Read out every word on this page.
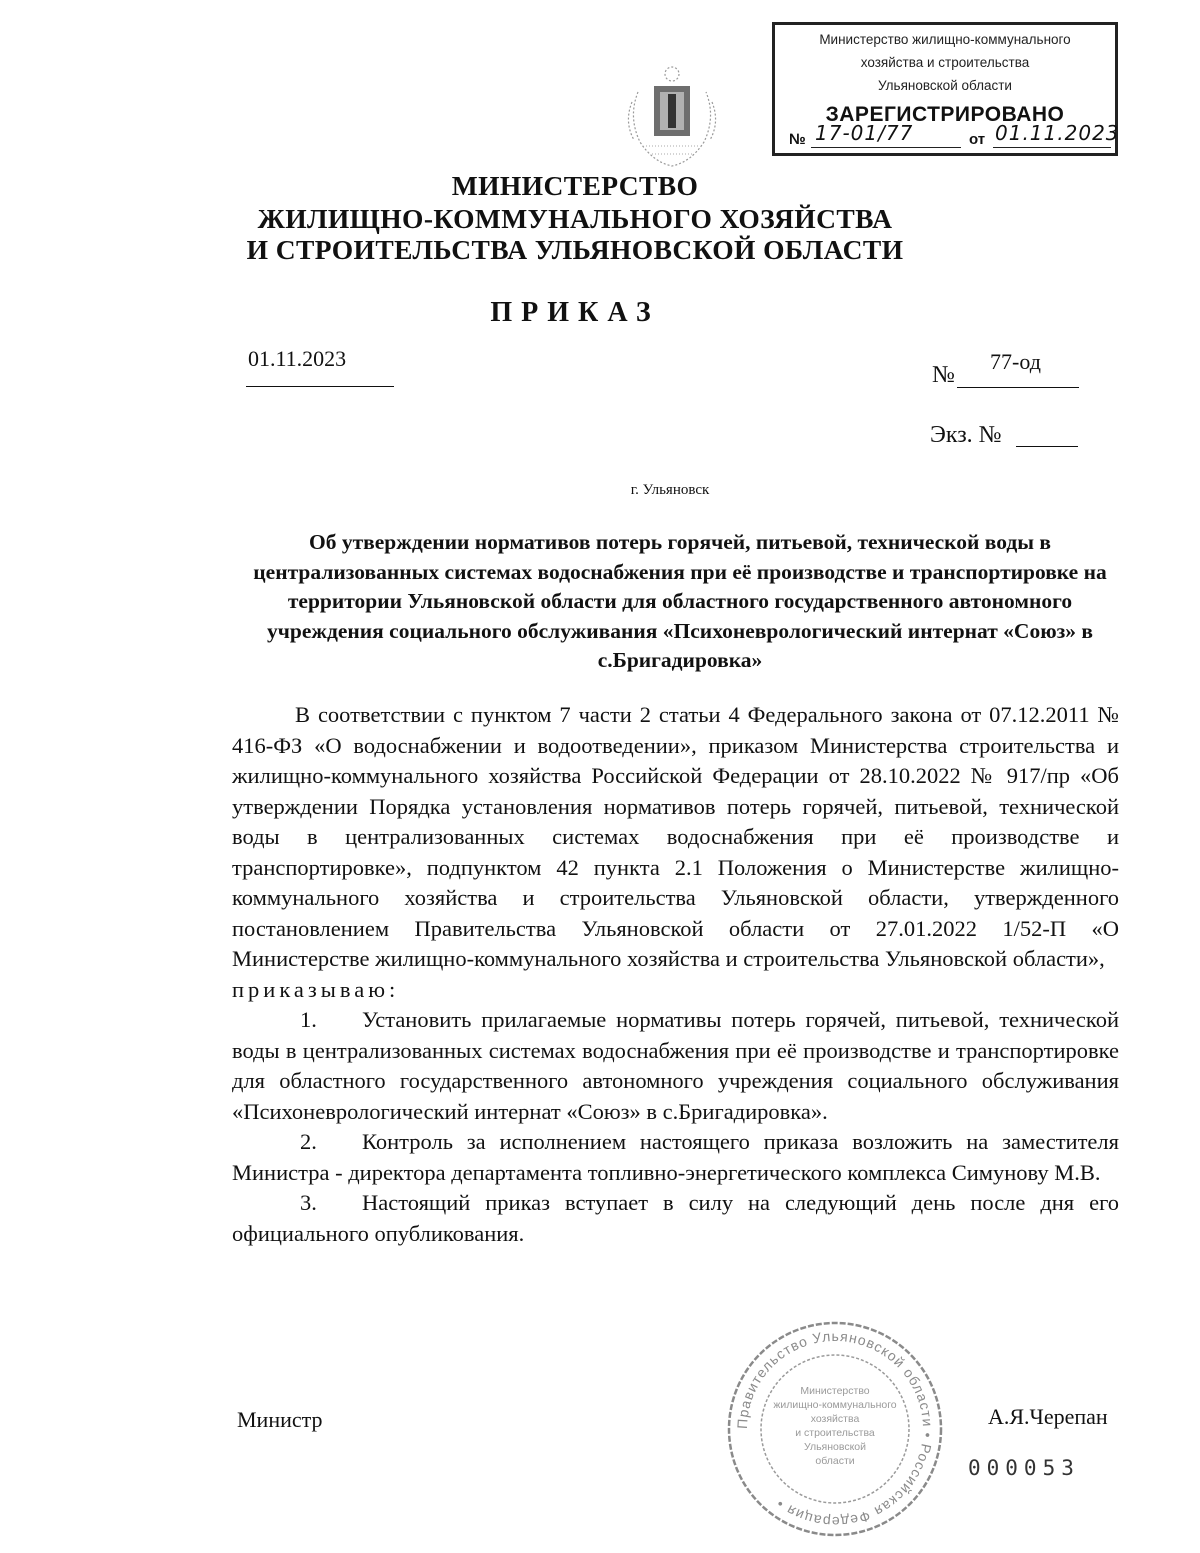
Министерство жилищно-коммунального
хозяйства и строительства
Ульяновской области
ЗАРЕГИСТРИРОВАНО
№ 17-01/77	от 01.11.2023
МИНИСТЕРСТВО
ЖИЛИЩНО-КОММУНАЛЬНОГО ХОЗЯЙСТВА
И СТРОИТЕЛЬСТВА УЛЬЯНОВСКОЙ ОБЛАСТИ
ПРИКАЗ
01.11.2023
№
77-од
Экз. №
г. Ульяновск
Об утверждении нормативов потерь горячей, питьевой, технической воды в централизованных системах водоснабжения при её производстве и транспортировке на территории Ульяновской области для областного государственного автономного учреждения социального обслуживания «Психоневрологический интернат «Союз» в с.Бригадировка»

В соответствии с пунктом 7 части 2 статьи 4 Федерального закона от 07.12.2011 № 416-ФЗ «О водоснабжении и водоотведении», приказом Министерства строительства и жилищно-коммунального хозяйства Российской Федерации от 28.10.2022 № 917/пр «Об утверждении Порядка установления нормативов потерь горячей, питьевой, технической воды в централизованных системах водоснабжения при её производстве и транспортировке», подпунктом 42 пункта 2.1 Положения о Министерстве жилищно-коммунального хозяйства и строительства Ульяновской области, утвержденного постановлением Правительства Ульяновской области от 27.01.2022 1/52-П «О Министерстве жилищно-коммунального хозяйства и строительства Ульяновской области»,

приказываю:

1. Установить прилагаемые нормативы потерь горячей, питьевой, технической воды в централизованных системах водоснабжения при её производстве и транспортировке для областного государственного автономного учреждения социального обслуживания «Психоневрологический интернат «Союз» в с.Бригадировка».

2. Контроль за исполнением настоящего приказа возложить на заместителя Министра - директора департамента топливно-энергетического комплекса Симунову М.В.

3. Настоящий приказ вступает в силу на следующий день после дня его официального опубликования.

Министр	Правительство Ульяновской области • Российская Федерация •
Министерство
жилищно-коммунального
хозяйства
и строительства
Ульяновской
области
А.Я.Черепан
000053
